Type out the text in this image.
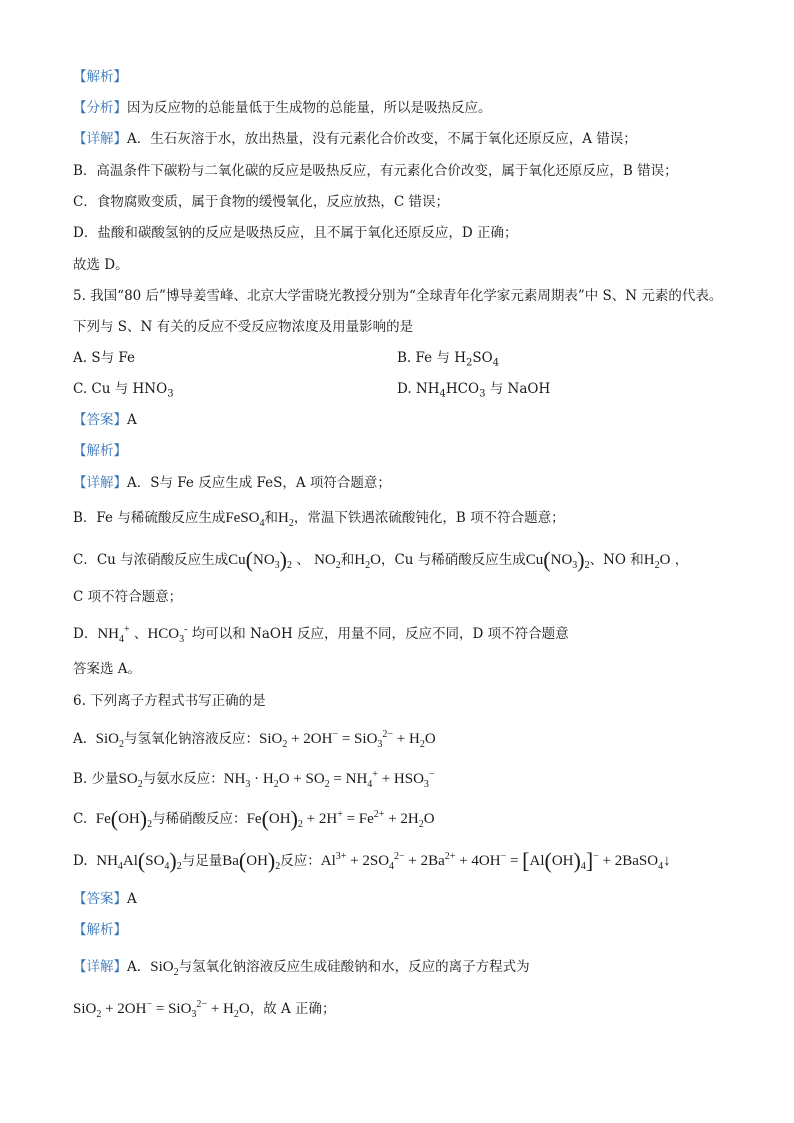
【解析】
【分析】因为反应物的总能量低于生成物的总能量，所以是吸热反应。
【详解】A．生石灰溶于水，放出热量，没有元素化合价改变，不属于氧化还原反应，A 错误；
B．高温条件下碳粉与二氧化碳的反应是吸热反应，有元素化合价改变，属于氧化还原反应，B 错误；
C．食物腐败变质，属于食物的缓慢氧化，反应放热，C 错误；
D．盐酸和碳酸氢钠的反应是吸热反应，且不属于氧化还原反应，D 正确；
故选 D。
5. 我国“80 后”博导姜雪峰、北京大学雷晓光教授分别为“全球青年化学家元素周期表”中 S、N 元素的代表。
下列与 S、N 有关的反应不受反应物浓度及用量影响的是
A. S与 Fe	B. Fe 与 $H_2SO_4$
C. Cu 与 $HNO_3$	D. $NH_4HCO_3$ 与 NaOH
【答案】A
【解析】
【详解】A．S与 Fe 反应生成 FeS，A 项符合题意；
B．Fe 与稀硫酸反应生成FeSO$_4$和$H_2$，常温下铁遇浓硫酸钝化，B 项不符合题意；
C．Cu 与浓硝酸反应生成$Cu(NO_3)_2$ 、 $NO_2$和$H_2O$，Cu 与稀硝酸反应生成$Cu(NO_3)_2$、NO 和$H_2O$ ，
C 项不符合题意；
D．$NH_4^+$ 、$HCO_3^-$ 均可以和 NaOH 反应，用量不同，反应不同，D 项不符合题意
答案选 A。
6. 下列离子方程式书写正确的是
A. SiO$_2$与氢氧化钠溶液反应：$SiO_2 + 2OH^- = SiO_3^{2-} + H_2O$
B. 少量$SO_2$与氨水反应：$NH_3 \cdot H_2O + SO_2 = NH_4^+ + HSO_3^-$
C. $Fe(OH)_2$与稀硝酸反应：$Fe(OH)_2 + 2H^+ = Fe^{2+} + 2H_2O$
D. $NH_4Al(SO_4)_2$与足量$Ba(OH)_2$反应：$Al^{3+} + 2SO_4^{2-} + 2Ba^{2+} + 4OH^- = [Al(OH)_4]^-$ + 2BaSO$_4$↓
【答案】A
【解析】
【详解】A．SiO$_2$与氢氧化钠溶液反应生成硅酸钠和水，反应的离子方程式为
$SiO_2 + 2OH^- = SiO_3^{2-} + H_2O$，故 A 正确；
